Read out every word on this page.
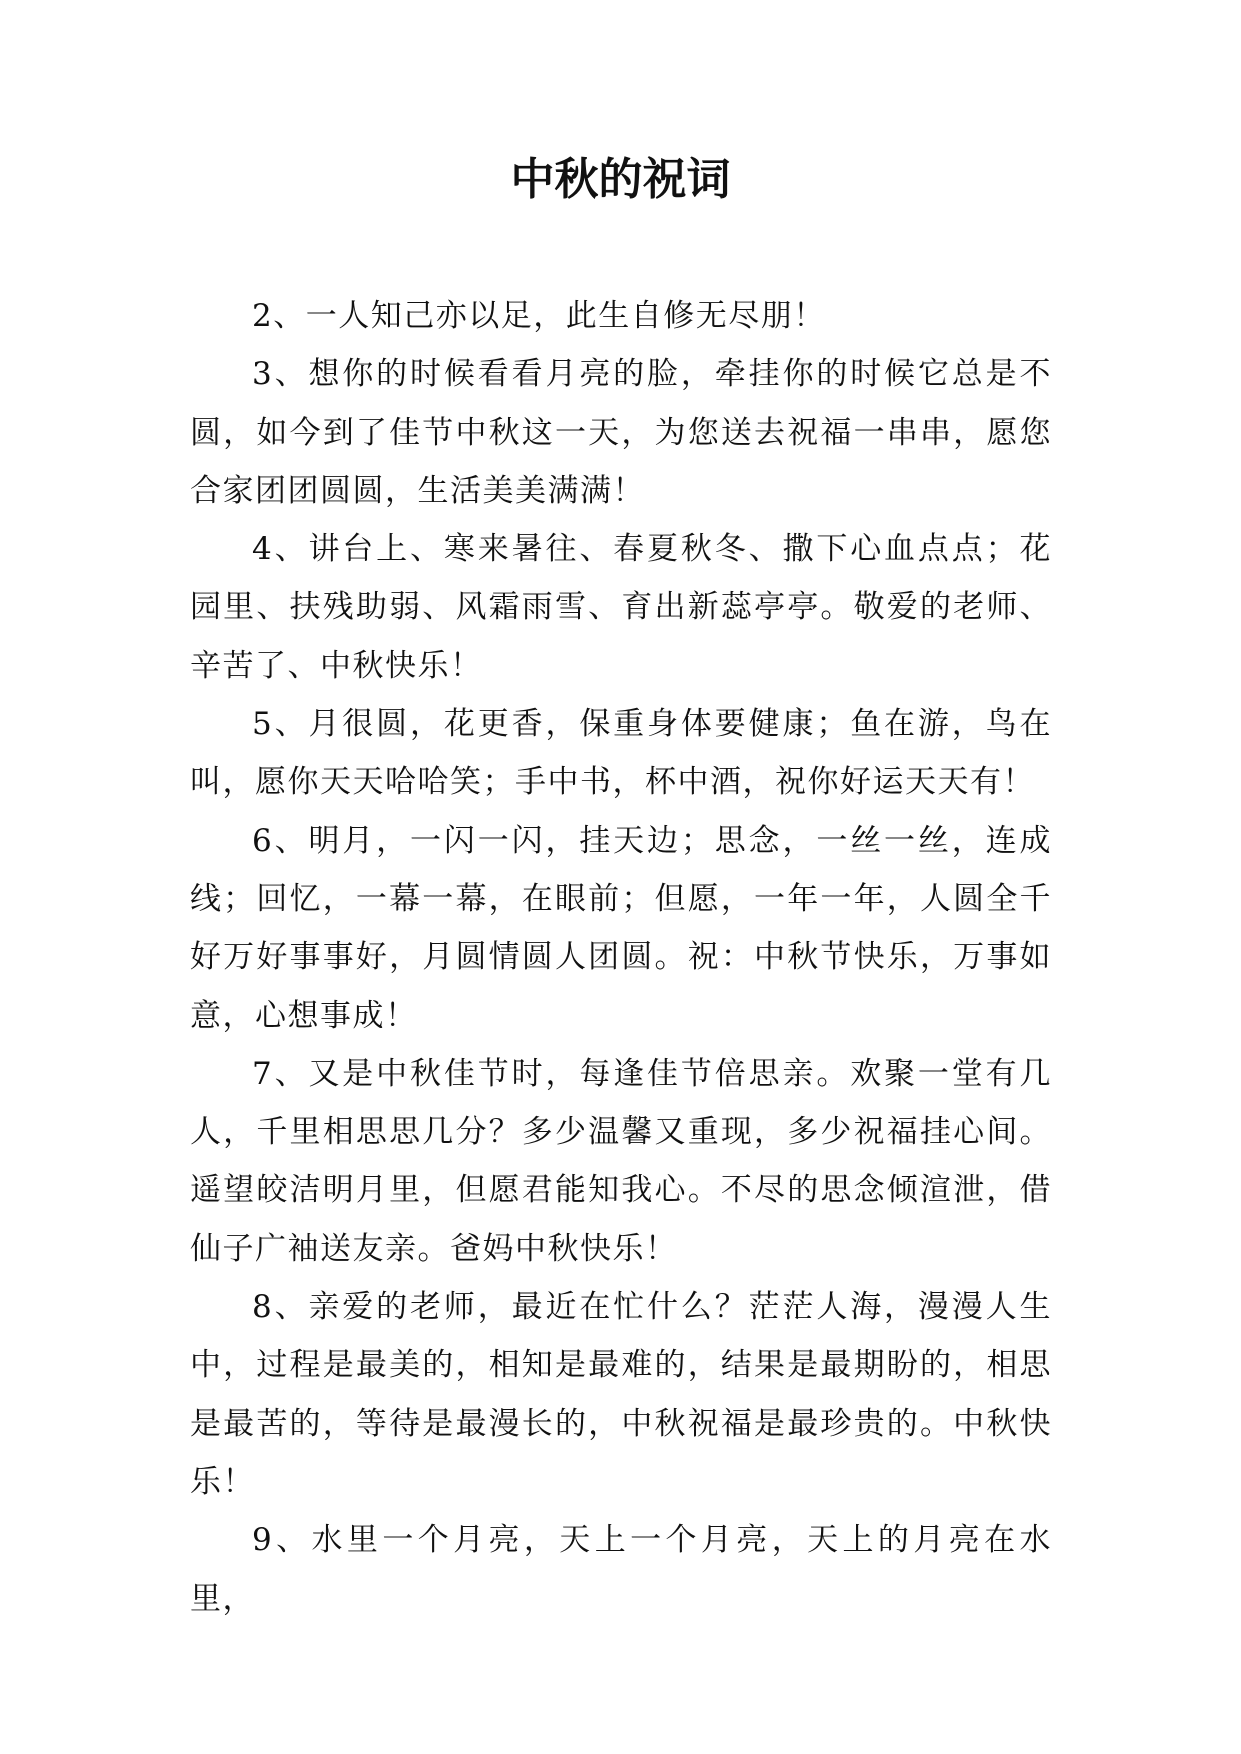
中秋的祝词

2、一人知己亦以足，此生自修无尽朋！

3、想你的时候看看月亮的脸，牵挂你的时候它总是不圆，如今到了佳节中秋这一天，为您送去祝福一串串，愿您合家团团圆圆，生活美美满满！

4、讲台上、寒来暑往、春夏秋冬、撒下心血点点；花园里、扶残助弱、风霜雨雪、育出新蕊亭亭。敬爱的老师、辛苦了、中秋快乐！

5、月很圆，花更香，保重身体要健康；鱼在游，鸟在叫，愿你天天哈哈笑；手中书，杯中酒，祝你好运天天有！

6、明月，一闪一闪，挂天边；思念，一丝一丝，连成线；回忆，一幕一幕，在眼前；但愿，一年一年，人圆全千好万好事事好，月圆情圆人团圆。祝：中秋节快乐，万事如意，心想事成！

7、又是中秋佳节时，每逢佳节倍思亲。欢聚一堂有几人，千里相思思几分？多少温馨又重现，多少祝福挂心间。遥望皎洁明月里，但愿君能知我心。不尽的思念倾渲泄，借仙子广袖送友亲。爸妈中秋快乐！

8、亲爱的老师，最近在忙什么？茫茫人海，漫漫人生中，过程是最美的，相知是最难的，结果是最期盼的，相思是最苦的，等待是最漫长的，中秋祝福是最珍贵的。中秋快乐！

9、水里一个月亮，天上一个月亮，天上的月亮在水里，
